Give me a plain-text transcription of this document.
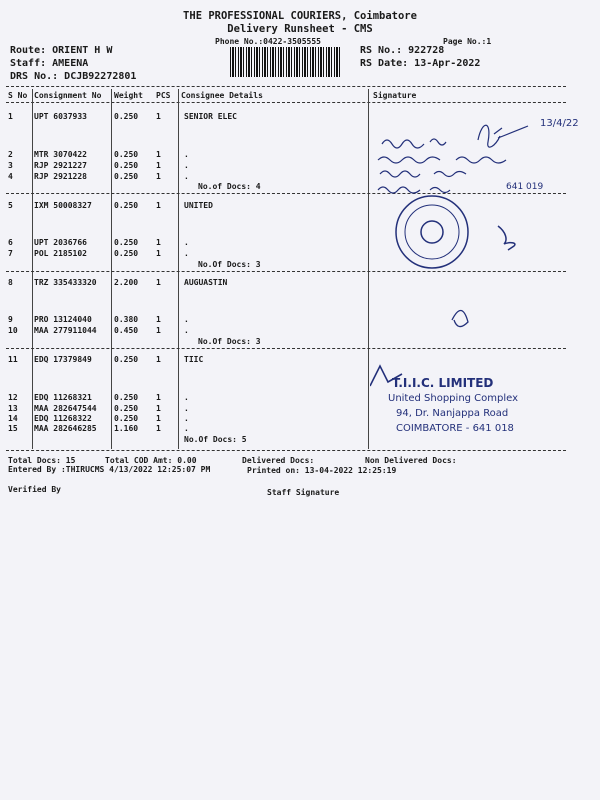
THE PROFESSIONAL COURIERS, Coimbatore
Delivery Runsheet - CMS
Phone No.:0422-3505555	Page No.:1
Route: ORIENT H W
Staff: AMEENA
DRS No.: DCJB92272801
RS No.: 922728
RS Date: 13-Apr-2022
S No Consignment No Weight PCS Consignee Details	Signature
1	UPT 6037933	0.250 1	SENIOR ELEC
2	MTR 3070422	0.250 1	.
3	RJP 2921227	0.250 1	.
4	RJP 2921228	0.250 1	.
No.of Docs: 4
5	IXM 50008327	0.250 1	UNITED
6	UPT 2036766	0.250 1	.
7	POL 2185102	0.250 1	.
No.Of Docs: 3
8	TRZ 335433320 2.200 1	AUGUASTIN
9	PRO 13124040	0.380 1	.
10 MAA 277911044 0.450 1	.
No.Of Docs: 3
11 EDQ 17379849	0.250 1	TIIC
12 EDQ 11268321	0.250 1	.
13 MAA 282647544 0.250 1	.
14 EDQ 11268322	0.250 1	.
15 MAA 282646285 1.160 1	.
No.Of Docs: 5
Total Docs: 15	Total COD Amt: 0.00	Delivered Docs:	Non Delivered Docs:
Entered By :THIRUCMS 4/13/2022 12:25:07 PM	Printed on: 13-04-2022 12:25:19
Verified By	Staff Signature
13/4/22
641 019
T.I.I.C. LIMITED
United Shopping Complex
94, Dr. Nanjappa Road
COIMBATORE - 641 018
